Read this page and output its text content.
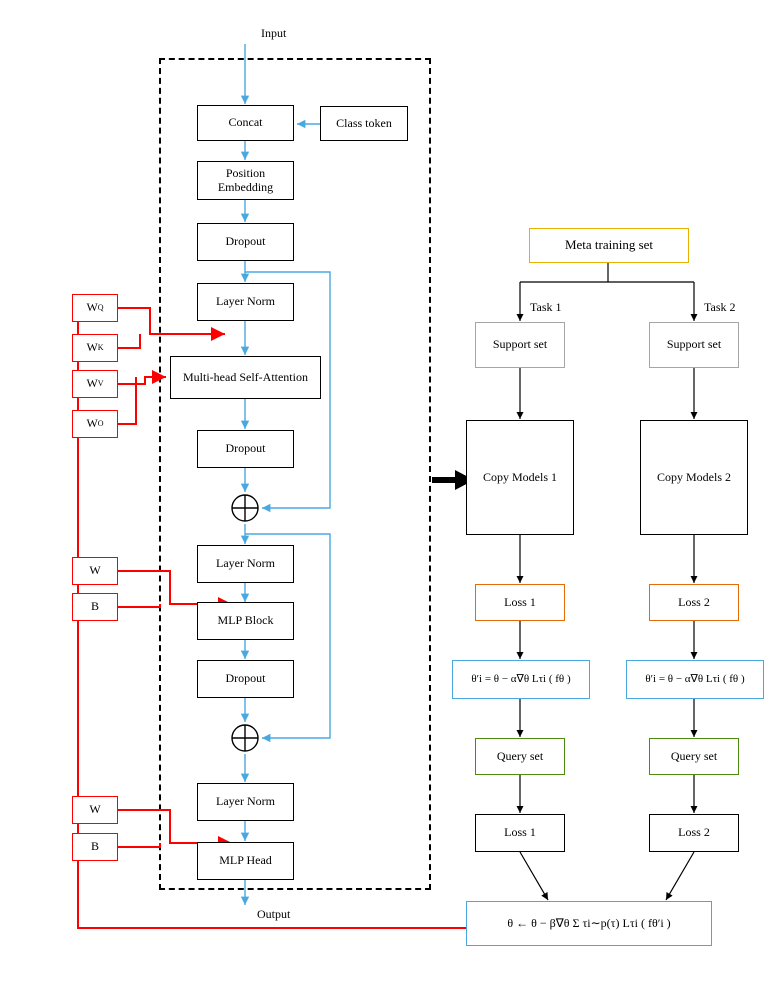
Input
Output
Concat	Class token
Position Embedding
Dropout
Layer Norm
Multi-head Self-Attention
Dropout
Layer Norm
MLP Block
Dropout
Layer Norm
MLP Head
W Q
W K
W V
W O
W
B
W
B
Meta training set
Task 1	Task 2
Support set	Support set
Copy Models 1	Copy Models 2
Loss 1	Loss 2
θ′i = θ − α∇θ Lτi ( fθ )	θ′i = θ − α∇θ Lτi ( fθ )
Query set	Query set
Loss 1	Loss 2
θ ← θ − β∇θ Σ τi∼p(τ) Lτi ( fθ′i )
